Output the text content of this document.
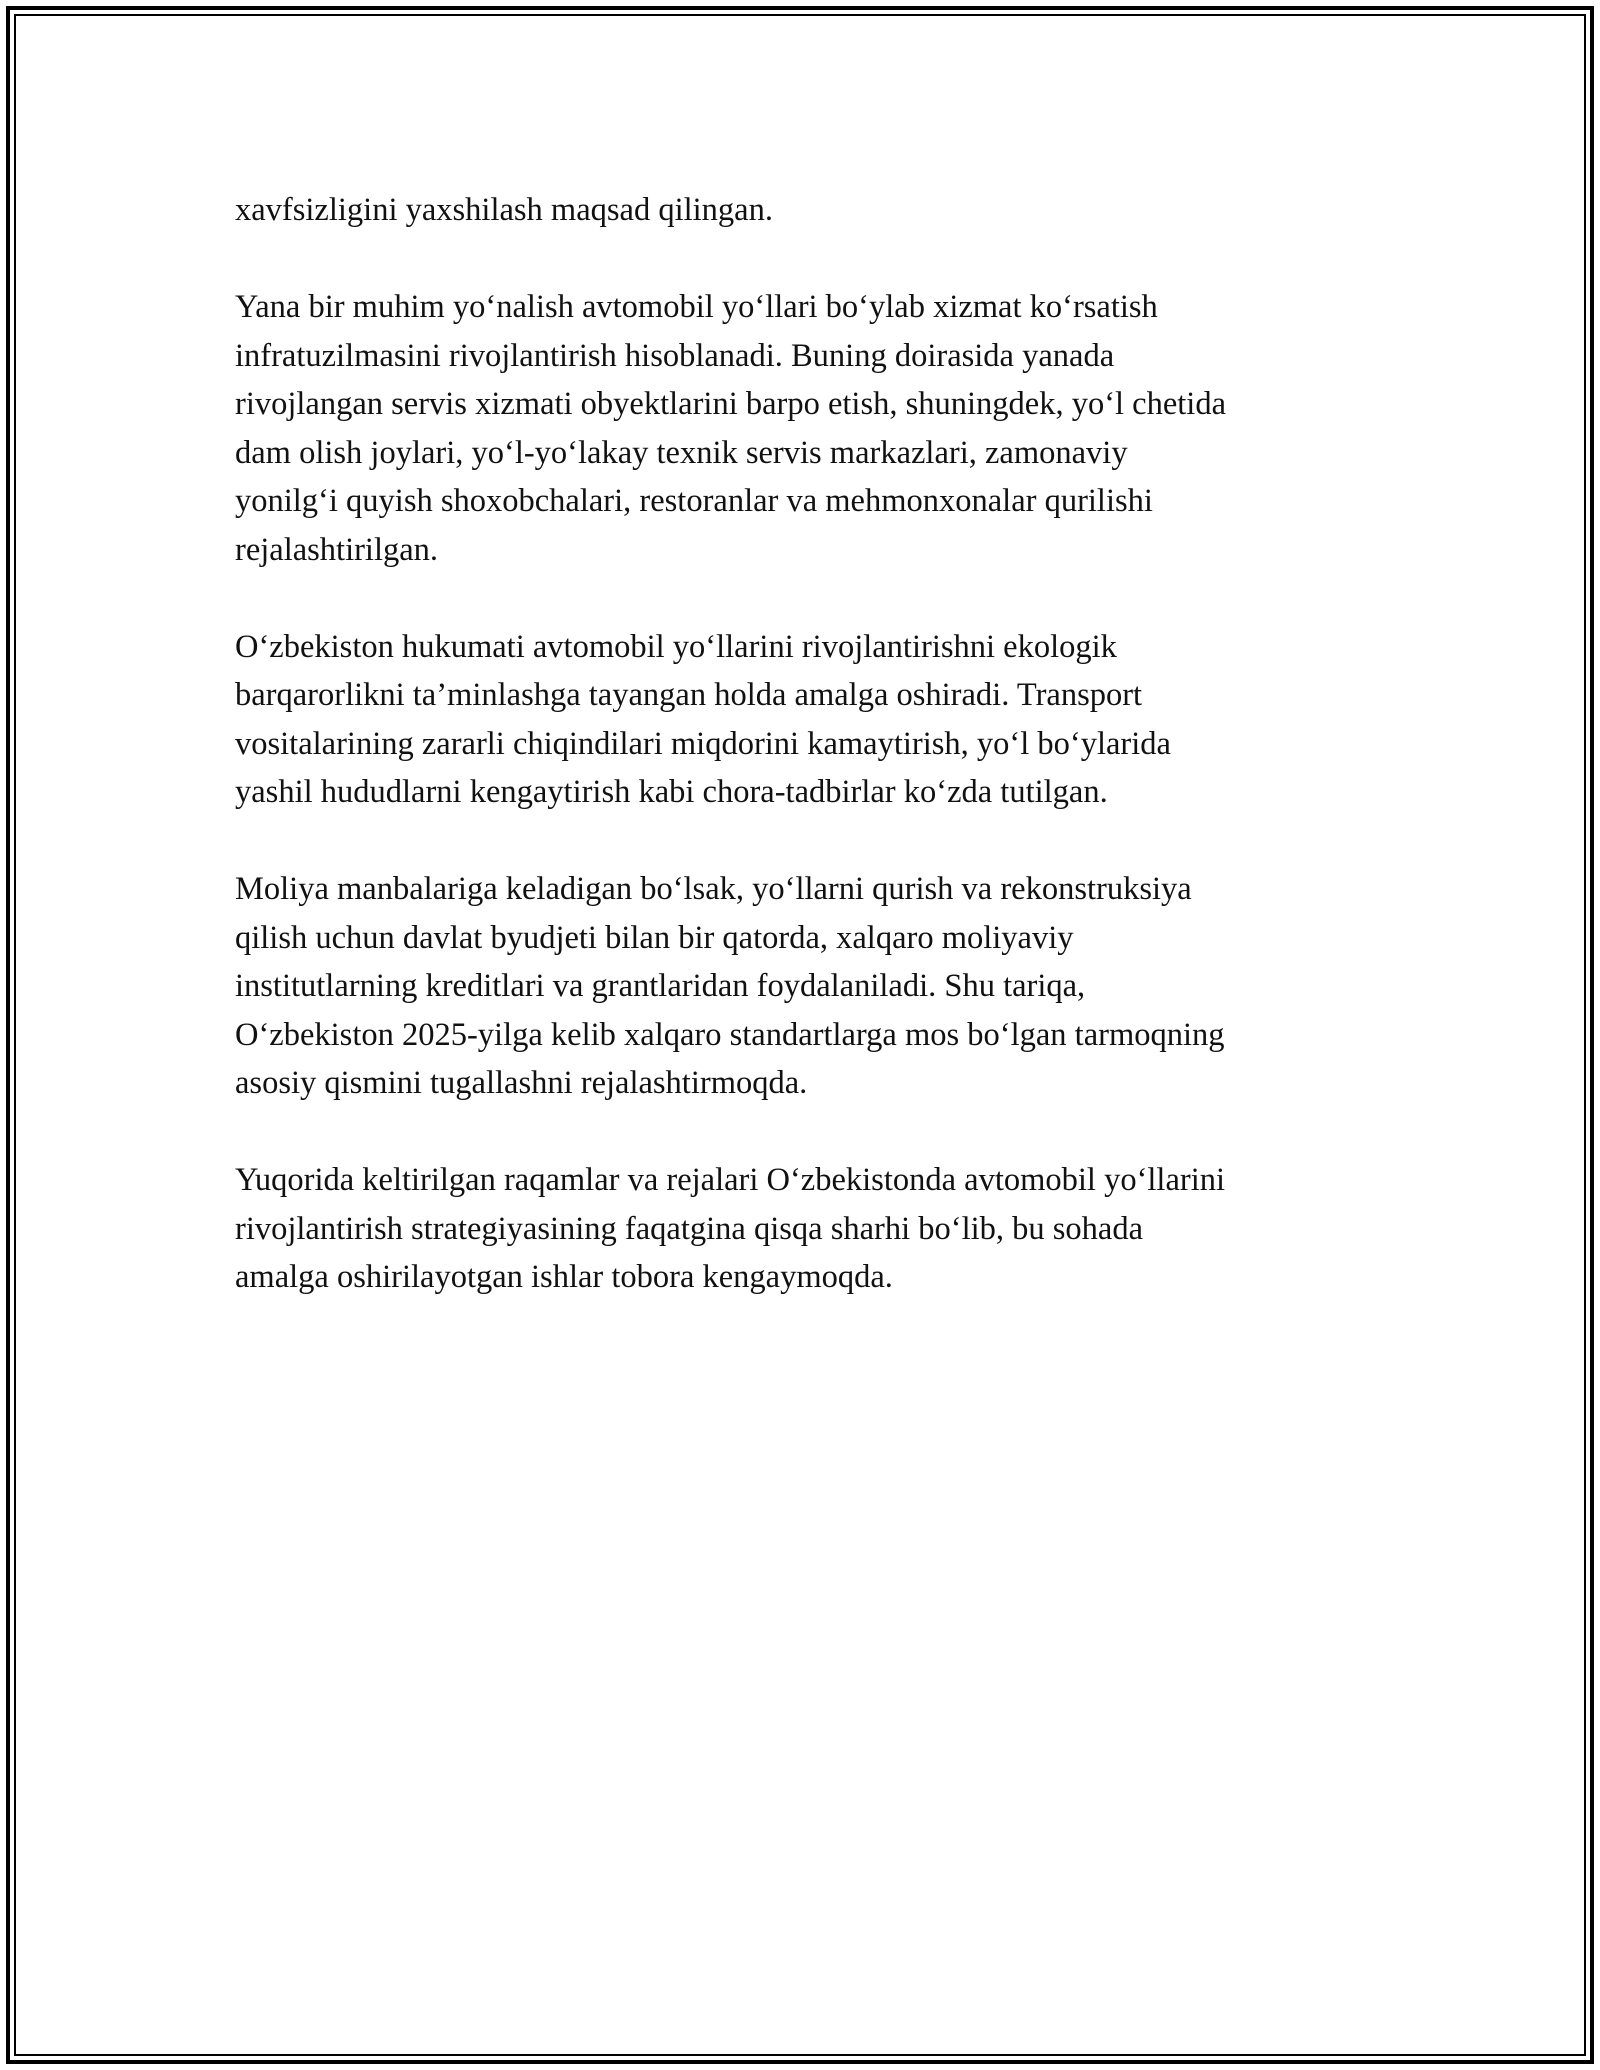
xavfsizligini yaxshilash maqsad qilingan.

Yana bir muhim yo‘nalish avtomobil yo‘llari bo‘ylab xizmat ko‘rsatish
infratuzilmasini rivojlantirish hisoblanadi. Buning doirasida yanada
rivojlangan servis xizmati obyektlarini barpo etish, shuningdek, yo‘l chetida
dam olish joylari, yo‘l-yo‘lakay texnik servis markazlari, zamonaviy
yonilg‘i quyish shoxobchalari, restoranlar va mehmonxonalar qurilishi
rejalashtirilgan.

O‘zbekiston hukumati avtomobil yo‘llarini rivojlantirishni ekologik
barqarorlikni ta’minlashga tayangan holda amalga oshiradi. Transport
vositalarining zararli chiqindilari miqdorini kamaytirish, yo‘l bo‘ylarida
yashil hududlarni kengaytirish kabi chora-tadbirlar ko‘zda tutilgan.

Moliya manbalariga keladigan bo‘lsak, yo‘llarni qurish va rekonstruksiya
qilish uchun davlat byudjeti bilan bir qatorda, xalqaro moliyaviy
institutlarning kreditlari va grantlaridan foydalaniladi. Shu tariqa,
O‘zbekiston 2025-yilga kelib xalqaro standartlarga mos bo‘lgan tarmoqning
asosiy qismini tugallashni rejalashtirmoqda.

Yuqorida keltirilgan raqamlar va rejalari O‘zbekistonda avtomobil yo‘llarini
rivojlantirish strategiyasining faqatgina qisqa sharhi bo‘lib, bu sohada
amalga oshirilayotgan ishlar tobora kengaymoqda.
